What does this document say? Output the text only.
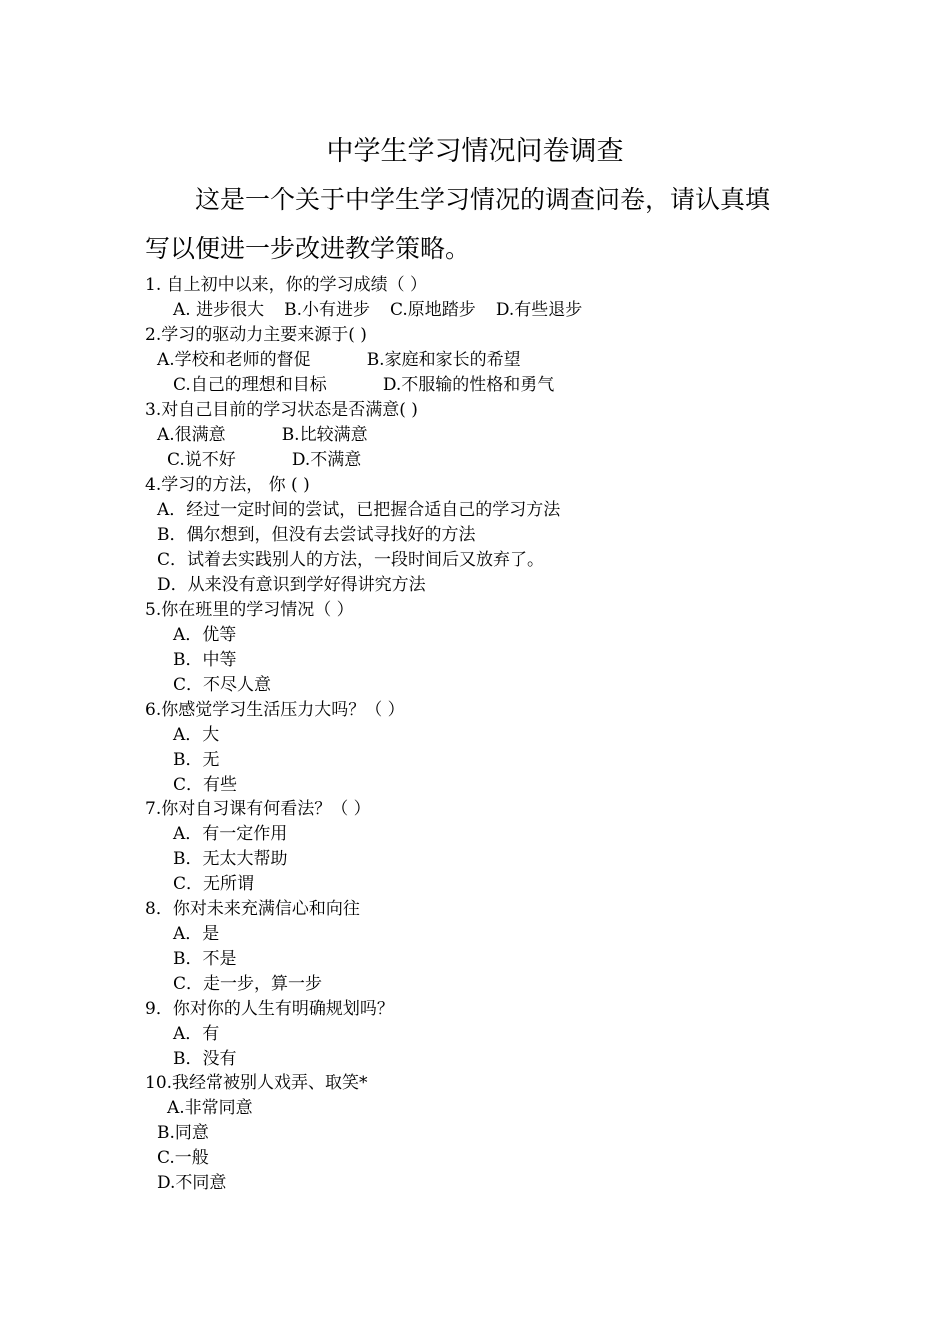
中学生学习情况问卷调查
这是一个关于中学生学习情况的调查问卷，请认真填
写以便进一步改进教学策略。
1. 自上初中以来，你的学习成绩（ ）
A. 进步很大 B.小有进步 C.原地踏步 D.有些退步
2.学习的驱动力主要来源于( )
A.学校和老师的督促	B.家庭和家长的希望
C.自己的理想和目标	D.不服输的性格和勇气
3.对自己目前的学习状态是否满意( )
A.很满意	B.比较满意
C.说不好	D.不满意
4.学习的方法， 你 ( )
A．经过一定时间的尝试，已把握合适自己的学习方法
B．偶尔想到，但没有去尝试寻找好的方法
C．试着去实践别人的方法，一段时间后又放弃了。
D．从来没有意识到学好得讲究方法
5.你在班里的学习情况（ ）
A．优等
B．中等
C．不尽人意
6.你感觉学习生活压力大吗？（ ）
A．大
B．无
C．有些
7.你对自习课有何看法？（ ）
A．有一定作用
B．无太大帮助
C．无所谓
8．你对未来充满信心和向往
A．是
B．不是
C．走一步，算一步
9．你对你的人生有明确规划吗？
A．有
B．没有
10.我经常被别人戏弄、取笑*
A.非常同意
B.同意
C.一般
D.不同意
